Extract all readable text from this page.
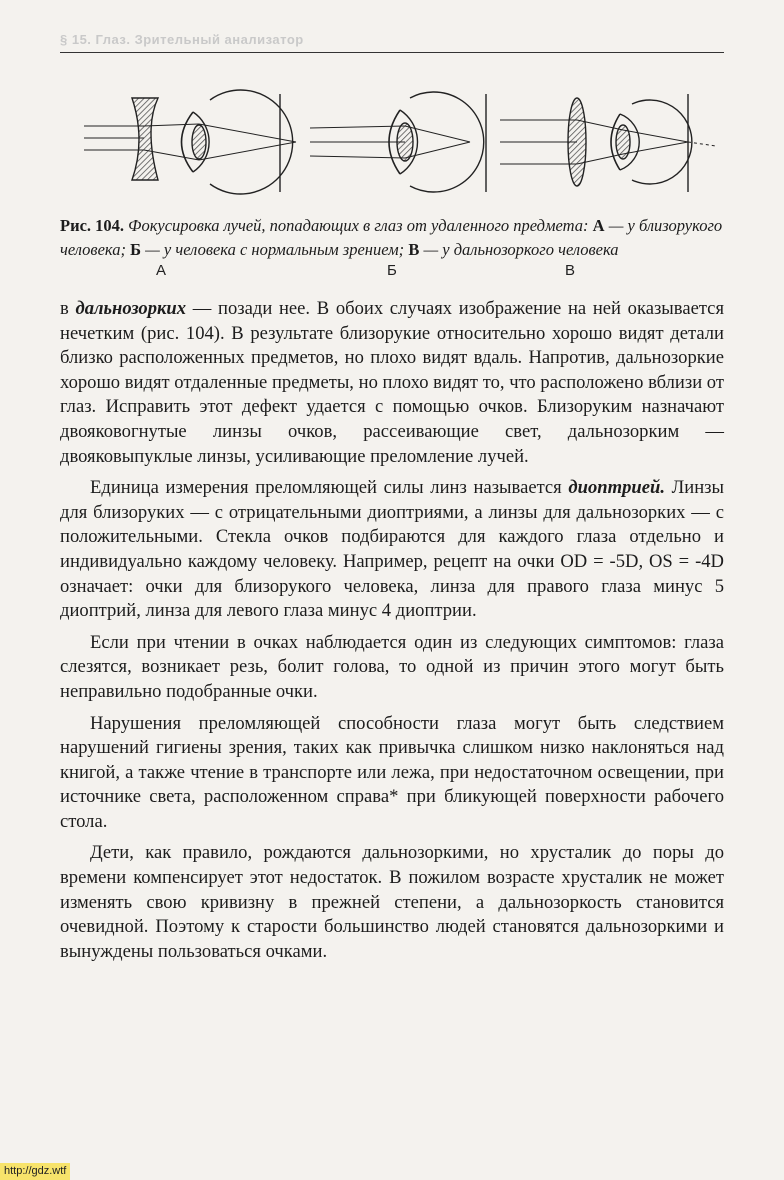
§ 15. Глаз. Зрительный анализатор
А	Б	В
Рис. 104. Фокусировка лучей, попадающих в глаз от удаленного предмета: А — у близорукого человека; Б — у человека с нормальным зрением; В — у дальнозоркого человека

в дальнозорких — позади нее. В обоих случаях изображение на ней оказывается нечетким (рис. 104). В результате близорукие относительно хорошо видят детали близко расположенных предметов, но плохо видят вдаль. Напротив, дальнозоркие хорошо видят отдаленные предметы, но плохо видят то, что расположено вблизи от глаз. Исправить этот дефект удается с помощью очков. Близоруким назначают двояковогнутые линзы очков, рассеивающие свет, дальнозорким — двояковыпуклые линзы, усиливающие преломление лучей.

Единица измерения преломляющей силы линз называется диоптрией. Линзы для близоруких — с отрицательными диоптриями, а линзы для дальнозорких — с положительными. Стекла очков подбираются для каждого глаза отдельно и индивидуально каждому человеку. Например, рецепт на очки OD = -5D, OS = -4D означает: очки для близорукого человека, линза для правого глаза минус 5 диоптрий, линза для левого глаза минус 4 диоптрии.

Если при чтении в очках наблюдается один из следующих симптомов: глаза слезятся, возникает резь, болит голова, то одной из причин этого могут быть неправильно подобранные очки.

Нарушения преломляющей способности глаза могут быть следствием нарушений гигиены зрения, таких как привычка слишком низко наклоняться над книгой, а также чтение в транспорте или лежа, при недостаточном освещении, при источнике света, расположенном справа* при бликующей поверхности рабочего стола.

Дети, как правило, рождаются дальнозоркими, но хрусталик до поры до времени компенсирует этот недостаток. В пожилом возрасте хрусталик не может изменять свою кривизну в прежней степени, а дальнозоркость становится очевидной. Поэтому к старости большинство людей становятся дальнозоркими и вынуждены пользоваться очками.

http://gdz.wtf
